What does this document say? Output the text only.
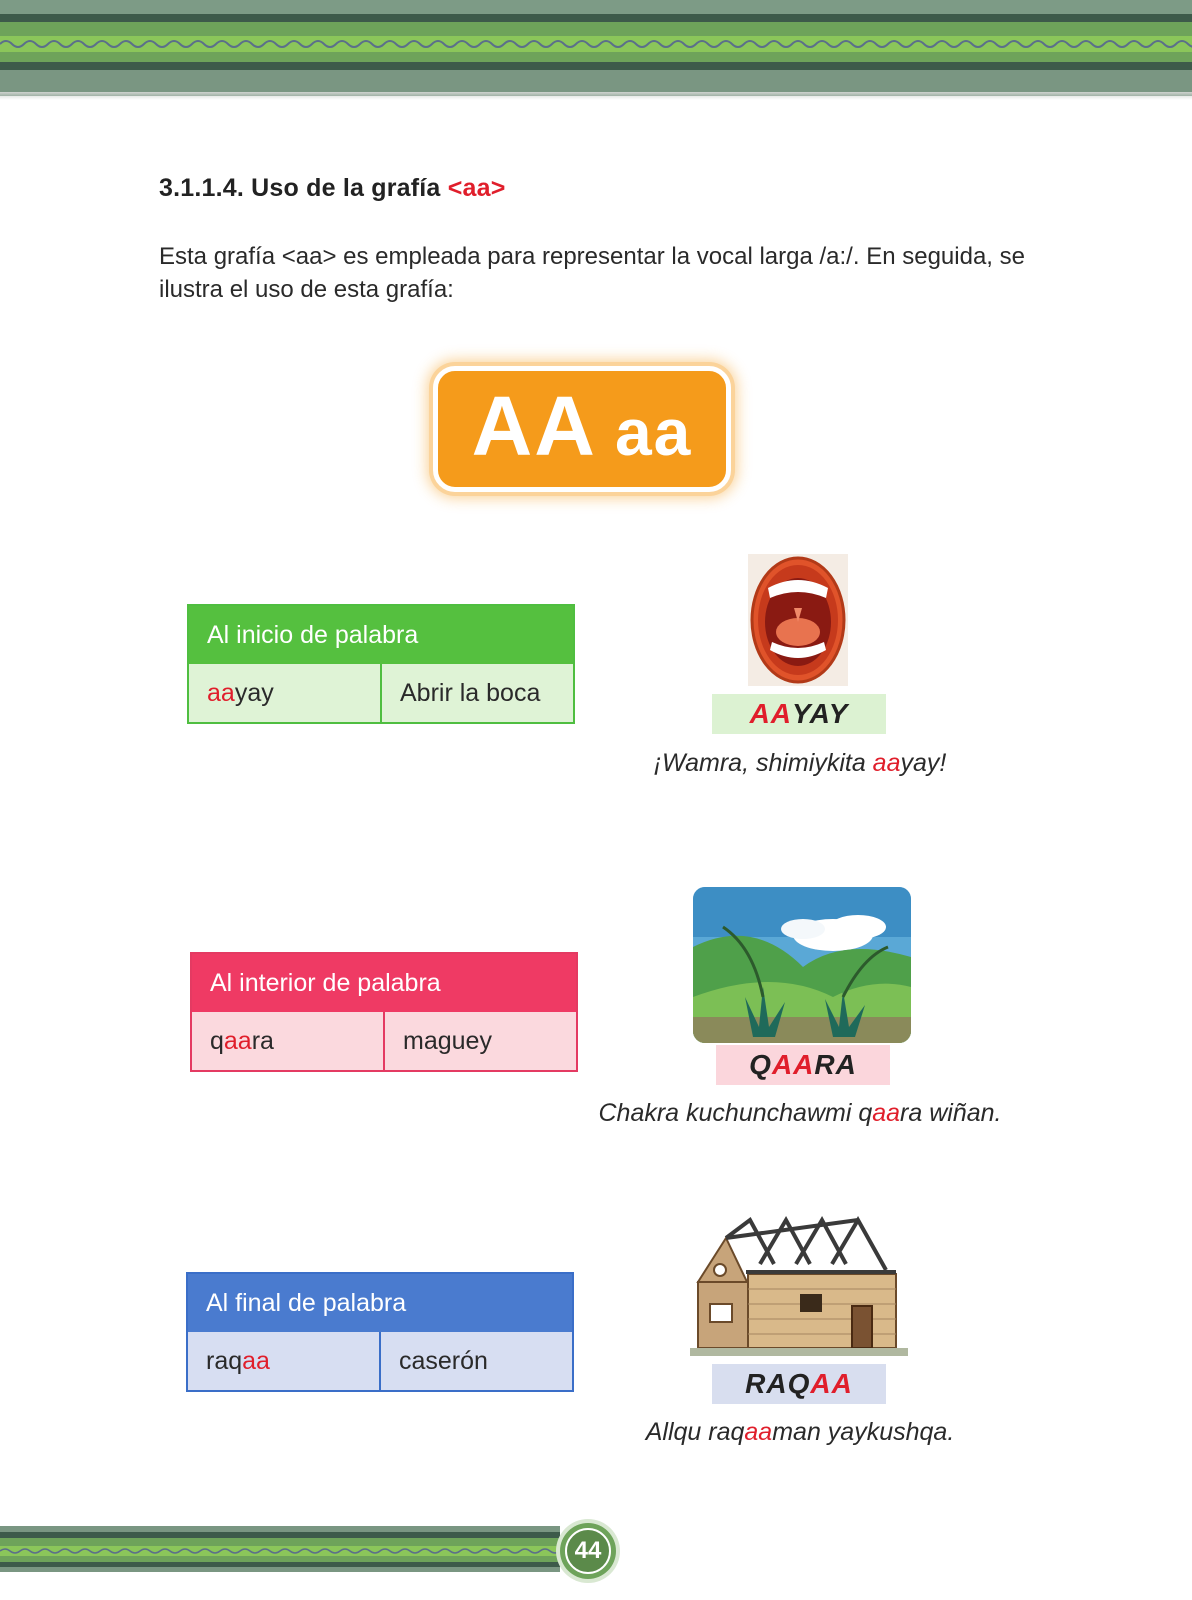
3.1.1.4. Uso de la grafía <aa>
Esta grafía <aa> es empleada para representar la vocal larga /a:/. En seguida, se ilustra el uso de esta grafía:
AA aa
Al inicio de palabra
aa yay	Abrir la boca
Al interior de palabra
q aa ra	maguey
Al final de palabra
raq aa	caserón
AA YAY
¡Wamra, shimiykita aayay!
Q AA RA
Chakra kuchunchawmi qaara wiñan.
RAQ AA
Allqu raqaaman yaykushqa.
44
